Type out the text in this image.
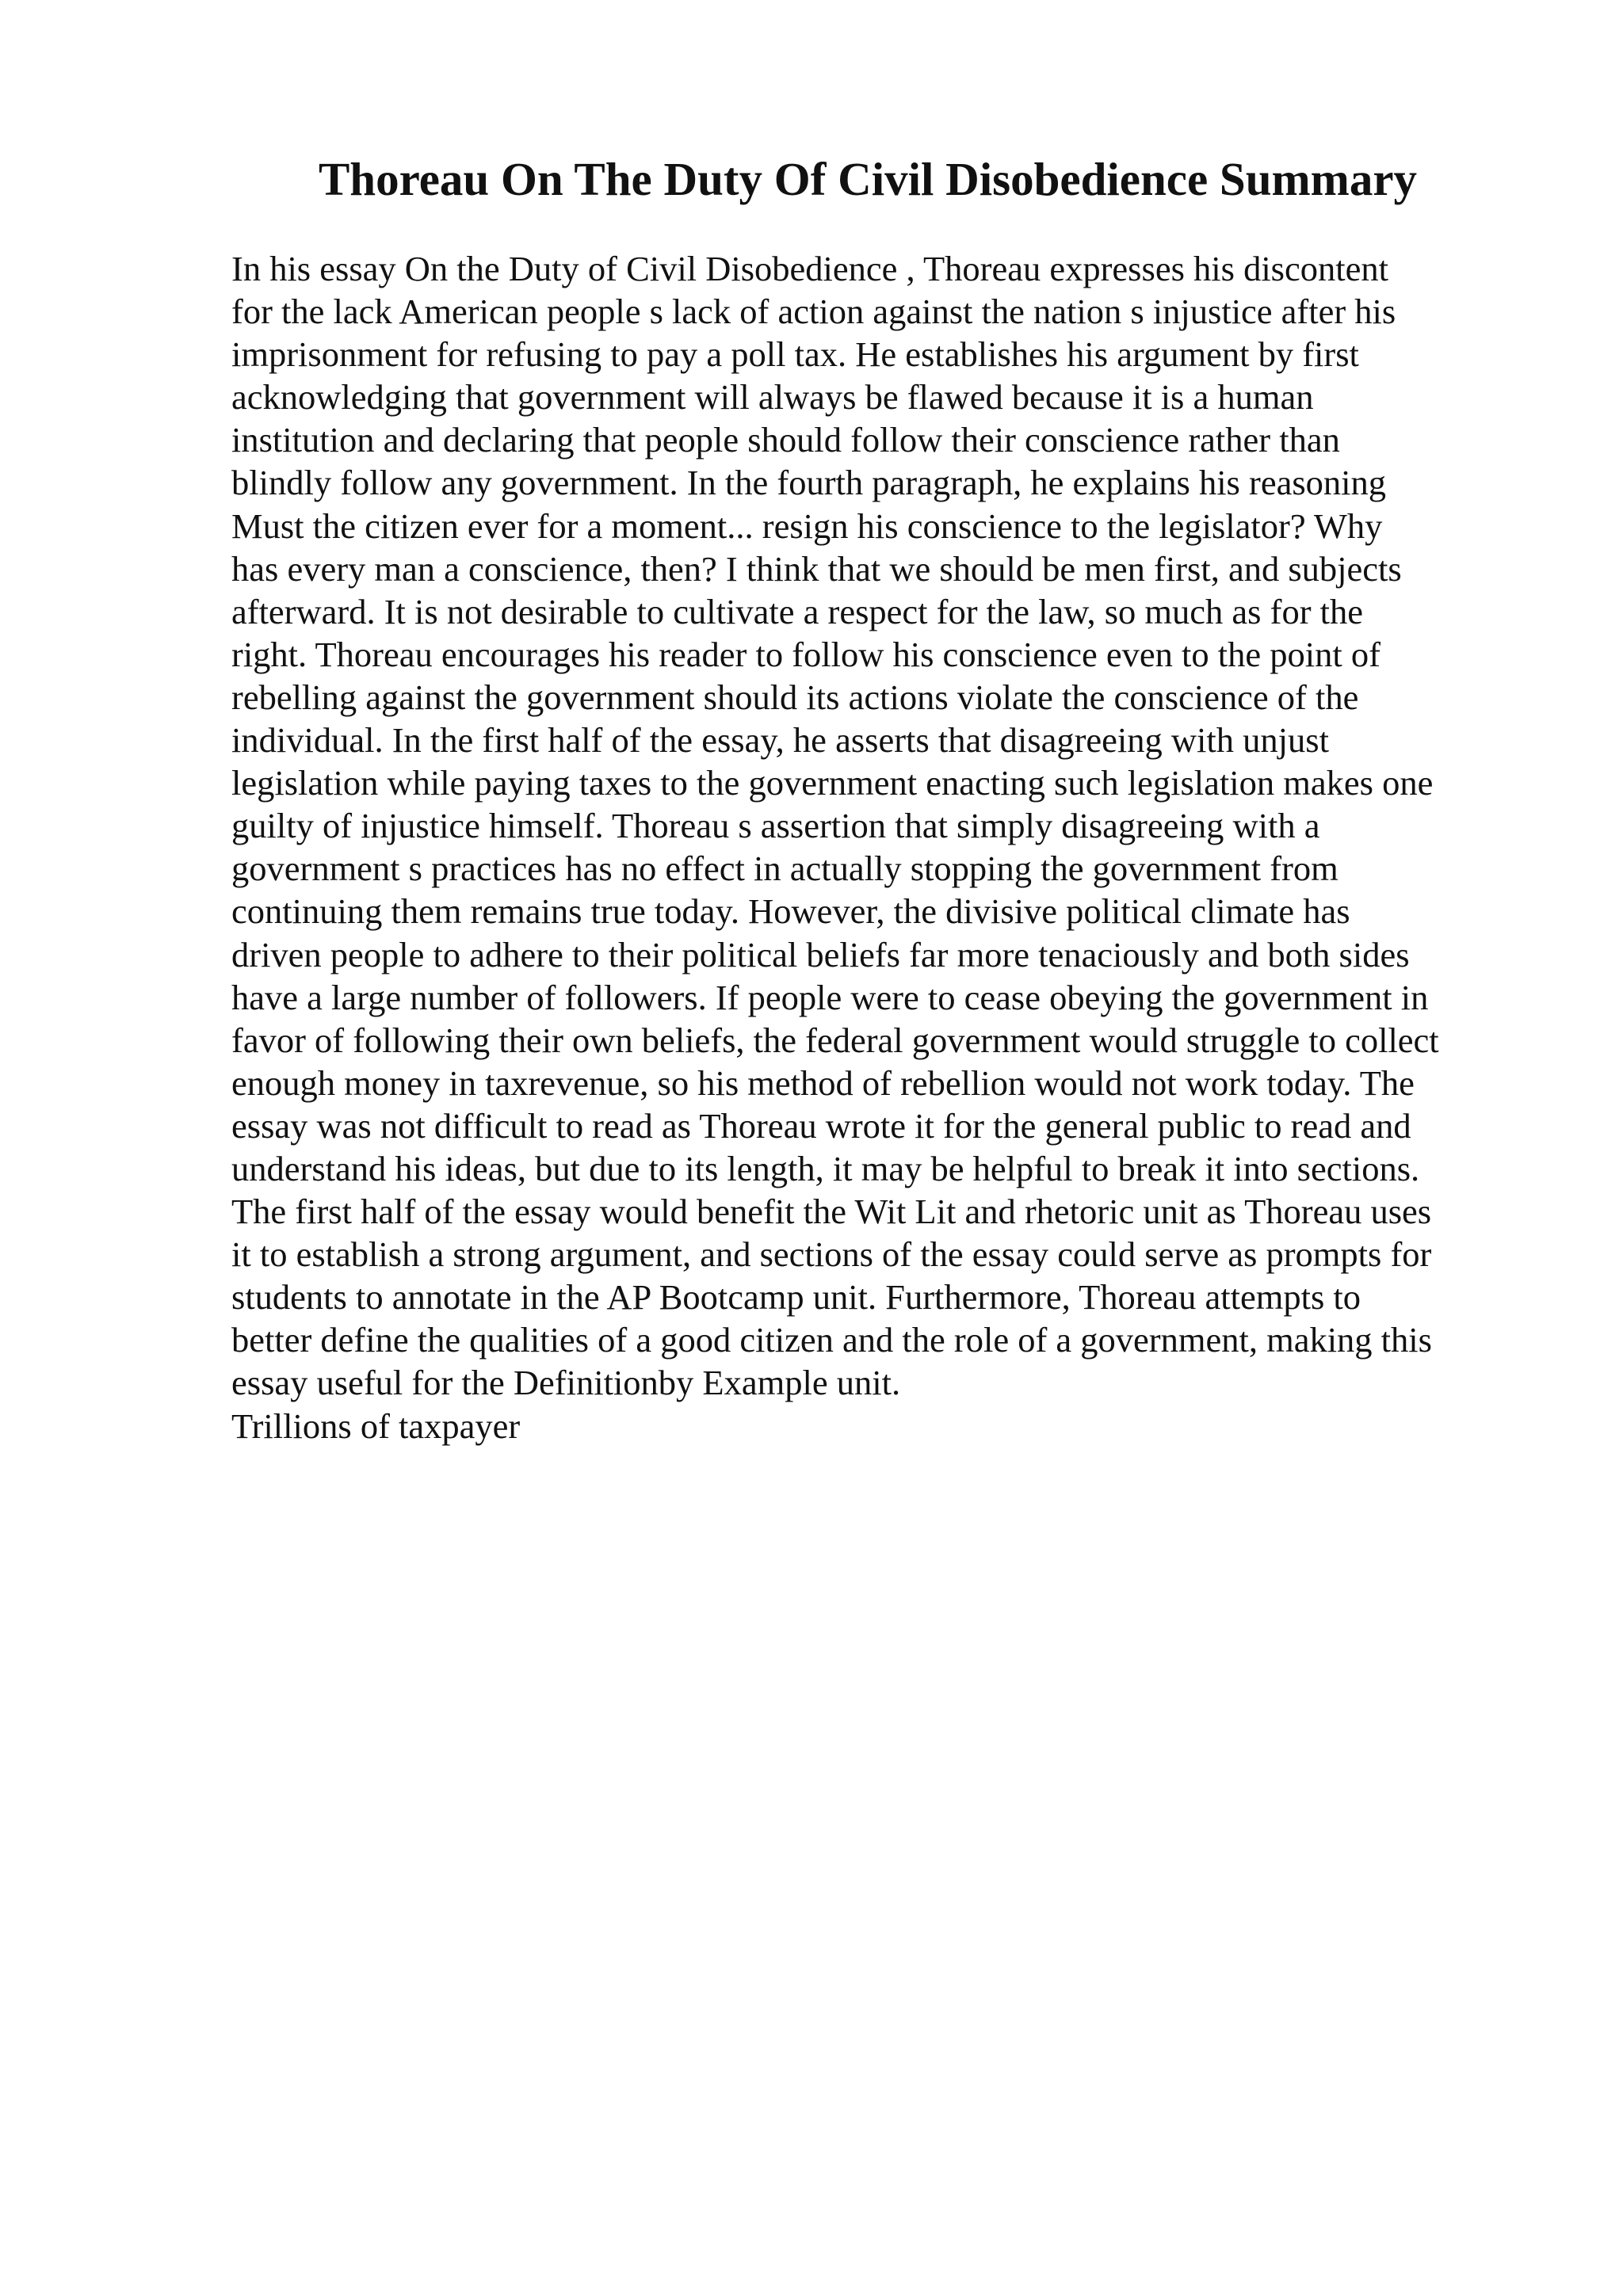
Thoreau On The Duty Of Civil Disobedience Summary
In his essay On the Duty of Civil Disobedience , Thoreau expresses his discontent
for the lack American people s lack of action against the nation s injustice after his
imprisonment for refusing to pay a poll tax. He establishes his argument by first
acknowledging that government will always be flawed because it is a human
institution and declaring that people should follow their conscience rather than
blindly follow any government. In the fourth paragraph, he explains his reasoning
Must the citizen ever for a moment... resign his conscience to the legislator? Why
has every man a conscience, then? I think that we should be men first, and subjects
afterward. It is not desirable to cultivate a respect for the law, so much as for the
right. Thoreau encourages his reader to follow his conscience even to the point of
rebelling against the government should its actions violate the conscience of the
individual. In the first half of the essay, he asserts that disagreeing with unjust
legislation while paying taxes to the government enacting such legislation makes one
guilty of injustice himself. Thoreau s assertion that simply disagreeing with a
government s practices has no effect in actually stopping the government from
continuing them remains true today. However, the divisive political climate has
driven people to adhere to their political beliefs far more tenaciously and both sides
have a large number of followers. If people were to cease obeying the government in
favor of following their own beliefs, the federal government would struggle to collect
enough money in taxrevenue, so his method of rebellion would not work today. The
essay was not difficult to read as Thoreau wrote it for the general public to read and
understand his ideas, but due to its length, it may be helpful to break it into sections.
The first half of the essay would benefit the Wit Lit and rhetoric unit as Thoreau uses
it to establish a strong argument, and sections of the essay could serve as prompts for
students to annotate in the AP Bootcamp unit. Furthermore, Thoreau attempts to
better define the qualities of a good citizen and the role of a government, making this
essay useful for the Definitionby Example unit.
Trillions of taxpayer
